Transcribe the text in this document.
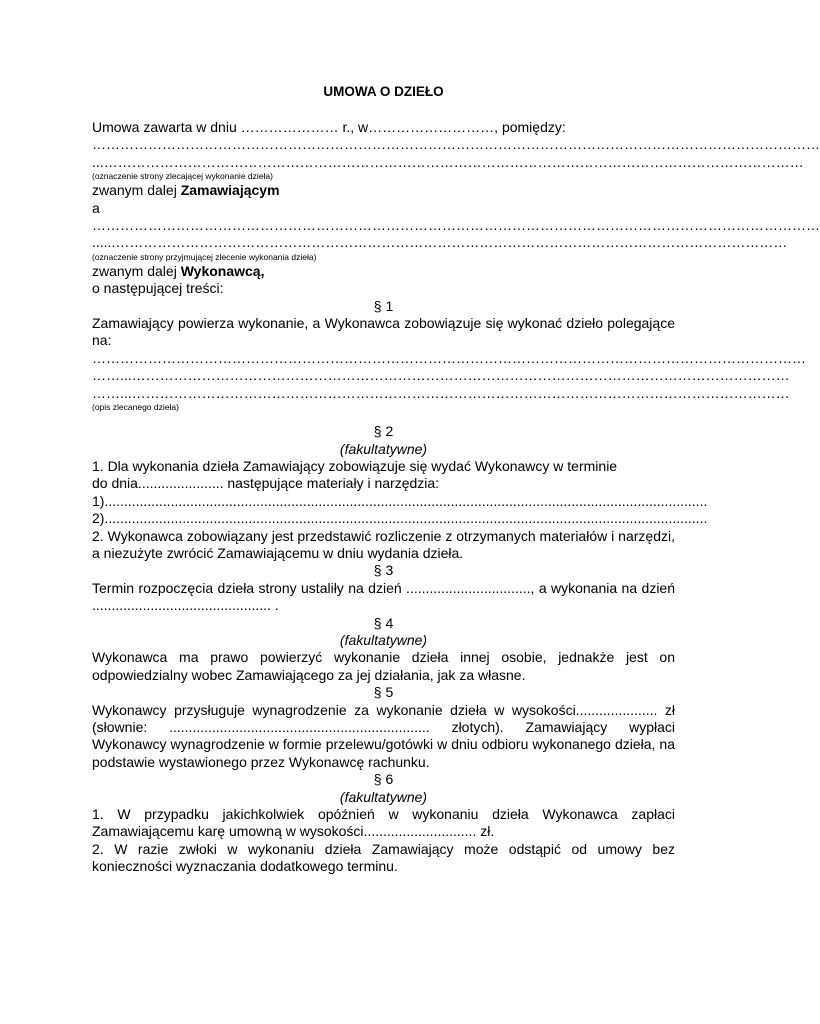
UMOWA O DZIEŁO

Umowa zawarta w dniu ………………… r., w………………………, pomiędzy:

…………………………………………………………………………………………………………………………………………

...……………………………………………………………………………………………………………………………………

(oznaczenie strony zlecającej wykonanie dzieła)

zwanym dalej Zamawiającym

a

…………………………………………………………………………………………………………………………………………

......………………………………………………………………………………………………………………………………

(oznaczenie strony przyjmującej zlecenie wykonania dzieła)

zwanym dalej Wykonawcą,

o następującej treści:

§ 1

Zamawiający powierza wykonanie, a Wykonawca zobowiązuje się wykonać dzieło polegające na:

………………………………………………………………………………………………………………………………………

……...……………………………………………………………………………………………………………………………

……...……………………………………………………………………………………………………………………………

(opis zlecanego dzieła)

§ 2

(fakultatywne)

1. Dla wykonania dzieła Zamawiający zobowiązuje się wydać Wykonawcy w terminie

do dnia...................... następujące materiały i narzędzia:

1)...........................................................................................................................................................

2)...........................................................................................................................................................

2. Wykonawca zobowiązany jest przedstawić rozliczenie z otrzymanych materiałów i narzędzi, a niezużyte zwrócić Zamawiającemu w dniu wydania dzieła.

§ 3

Termin rozpoczęcia dzieła strony ustaliły na dzień ................................, a wykonania na dzień .............................................. .

§ 4

(fakultatywne)

Wykonawca ma prawo powierzyć wykonanie dzieła innej osobie, jednakże jest on odpowiedzialny wobec Zamawiającego za jej działania, jak za własne.

§ 5

Wykonawcy przysługuje wynagrodzenie za wykonanie dzieła w wysokości..................... zł (słownie: ................................................................... złotych). Zamawiający wypłaci Wykonawcy wynagrodzenie w formie przelewu/gotówki w dniu odbioru wykonanego dzieła, na podstawie wystawionego przez Wykonawcę rachunku.

§ 6

(fakultatywne)

1. W przypadku jakichkolwiek opóźnień w wykonaniu dzieła Wykonawca zapłaci Zamawiającemu karę umowną w wysokości............................. zł.

2. W razie zwłoki w wykonaniu dzieła Zamawiający może odstąpić od umowy bez konieczności wyznaczania dodatkowego terminu.
